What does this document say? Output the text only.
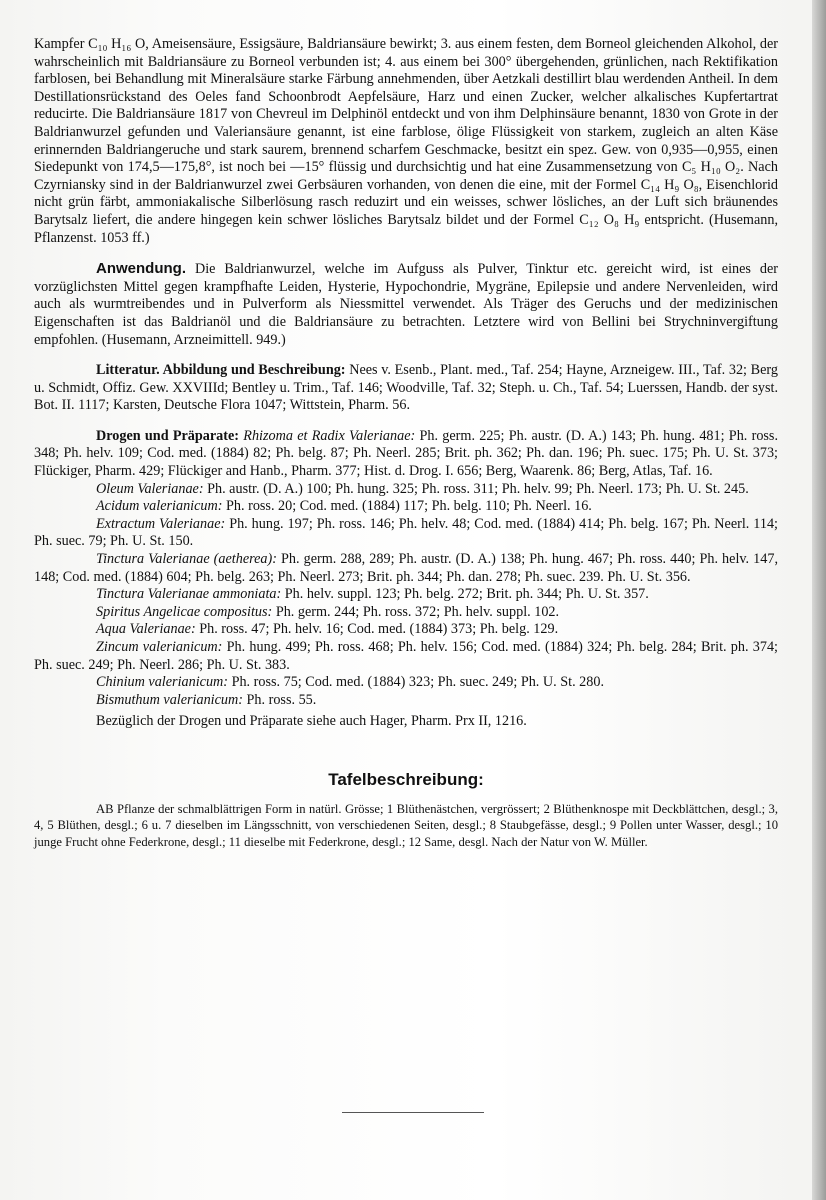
Kampfer C₁₀ H₁₆ O, Ameisensäure, Essigsäure, Baldriansäure bewirkt; 3. aus einem festen, dem Borneol gleichenden Alkohol, der wahrscheinlich mit Baldriansäure zu Borneol verbunden ist; 4. aus einem bei 300° übergehenden, grünlichen, nach Rektifikation farblosen, bei Behandlung mit Mineralsäure starke Färbung annehmenden, über Aetzkali destillirt blau werdenden Antheil. In dem Destillationsrückstand des Oeles fand Schoonbrodt Aepfelsäure, Harz und einen Zucker, welcher alkalisches Kupfertartrat reducirte. Die Baldriansäure 1817 von Chevreul im Delphinöl entdeckt und von ihm Delphinsäure benannt, 1830 von Grote in der Baldrianwurzel gefunden und Valeriansäure genannt, ist eine farblose, ölige Flüssigkeit von starkem, zugleich an alten Käse erinnernden Baldriangeruche und stark saurem, brennend scharfem Geschmacke, besitzt ein spez. Gew. von 0,935—0,955, einen Siedepunkt von 174,5—175,8°, ist noch bei —15° flüssig und durchsichtig und hat eine Zusammensetzung von C₅ H₁₀ O₂. Nach Czyrniansky sind in der Baldrianwurzel zwei Gerbsäuren vorhanden, von denen die eine, mit der Formel C₁₄ H₉ O₈, Eisenchlorid nicht grün färbt, ammoniakalische Silberlösung rasch reduzirt und ein weisses, schwer lösliches, an der Luft sich bräunendes Barytsalz liefert, die andere hingegen kein schwer lösliches Barytsalz bildet und der Formel C₁₂ O₈ H₉ entspricht. (Husemann, Pflanzenst. 1053 ff.)

Anwendung. Die Baldrianwurzel, welche im Aufguss als Pulver, Tinktur etc. gereicht wird, ist eines der vorzüglichsten Mittel gegen krampfhafte Leiden, Hysterie, Hypochondrie, Mygräne, Epilepsie und andere Nervenleiden, wird auch als wurmtreibendes und in Pulverform als Niessmittel verwendet. Als Träger des Geruchs und der medizinischen Eigenschaften ist das Baldrianöl und die Baldriansäure zu betrachten. Letztere wird von Bellini bei Strychninvergiftung empfohlen. (Husemann, Arzneimittell. 949.)

Litteratur. Abbildung und Beschreibung: Nees v. Esenb., Plant. med., Taf. 254; Hayne, Arzneigew. III., Taf. 32; Berg u. Schmidt, Offiz. Gew. XXVIIId; Bentley u. Trim., Taf. 146; Woodville, Taf. 32; Steph. u. Ch., Taf. 54; Luerssen, Handb. der syst. Bot. II. 1117; Karsten, Deutsche Flora 1047; Wittstein, Pharm. 56.

Drogen und Präparate: Rhizoma et Radix Valerianae: Ph. germ. 225; Ph. austr. (D. A.) 143; Ph. hung. 481; Ph. ross. 348; Ph. helv. 109; Cod. med. (1884) 82; Ph. belg. 87; Ph. Neerl. 285; Brit. ph. 362; Ph. dan. 196; Ph. suec. 175; Ph. U. St. 373; Flückiger, Pharm. 429; Flückiger and Hanb., Pharm. 377; Hist. d. Drog. I. 656; Berg, Waarenk. 86; Berg, Atlas, Taf. 16.

Oleum Valerianae: Ph. austr. (D. A.) 100; Ph. hung. 325; Ph. ross. 311; Ph. helv. 99; Ph. Neerl. 173; Ph. U. St. 245.

Acidum valerianicum: Ph. ross. 20; Cod. med. (1884) 117; Ph. belg. 110; Ph. Neerl. 16.

Extractum Valerianae: Ph. hung. 197; Ph. ross. 146; Ph. helv. 48; Cod. med. (1884) 414; Ph. belg. 167; Ph. Neerl. 114; Ph. suec. 79; Ph. U. St. 150.

Tinctura Valerianae (aetherea): Ph. germ. 288, 289; Ph. austr. (D. A.) 138; Ph. hung. 467; Ph. ross. 440; Ph. helv. 147, 148; Cod. med. (1884) 604; Ph. belg. 263; Ph. Neerl. 273; Brit. ph. 344; Ph. dan. 278; Ph. suec. 239. Ph. U. St. 356.

Tinctura Valerianae ammoniata: Ph. helv. suppl. 123; Ph. belg. 272; Brit. ph. 344; Ph. U. St. 357.

Spiritus Angelicae compositus: Ph. germ. 244; Ph. ross. 372; Ph. helv. suppl. 102.

Aqua Valerianae: Ph. ross. 47; Ph. helv. 16; Cod. med. (1884) 373; Ph. belg. 129.

Zincum valerianicum: Ph. hung. 499; Ph. ross. 468; Ph. helv. 156; Cod. med. (1884) 324; Ph. belg. 284; Brit. ph. 374; Ph. suec. 249; Ph. Neerl. 286; Ph. U. St. 383.

Chinium valerianicum: Ph. ross. 75; Cod. med. (1884) 323; Ph. suec. 249; Ph. U. St. 280.

Bismuthum valerianicum: Ph. ross. 55.

Bezüglich der Drogen und Präparate siehe auch Hager, Pharm. Prx II, 1216.

Tafelbeschreibung:

AB Pflanze der schmalblättrigen Form in natürl. Grösse; 1 Blüthenästchen, vergrössert; 2 Blüthenknospe mit Deckblättchen, desgl.; 3, 4, 5 Blüthen, desgl.; 6 u. 7 dieselben im Längsschnitt, von verschiedenen Seiten, desgl.; 8 Staubgefässe, desgl.; 9 Pollen unter Wasser, desgl.; 10 junge Frucht ohne Federkrone, desgl.; 11 dieselbe mit Federkrone, desgl.; 12 Same, desgl. Nach der Natur von W. Müller.
